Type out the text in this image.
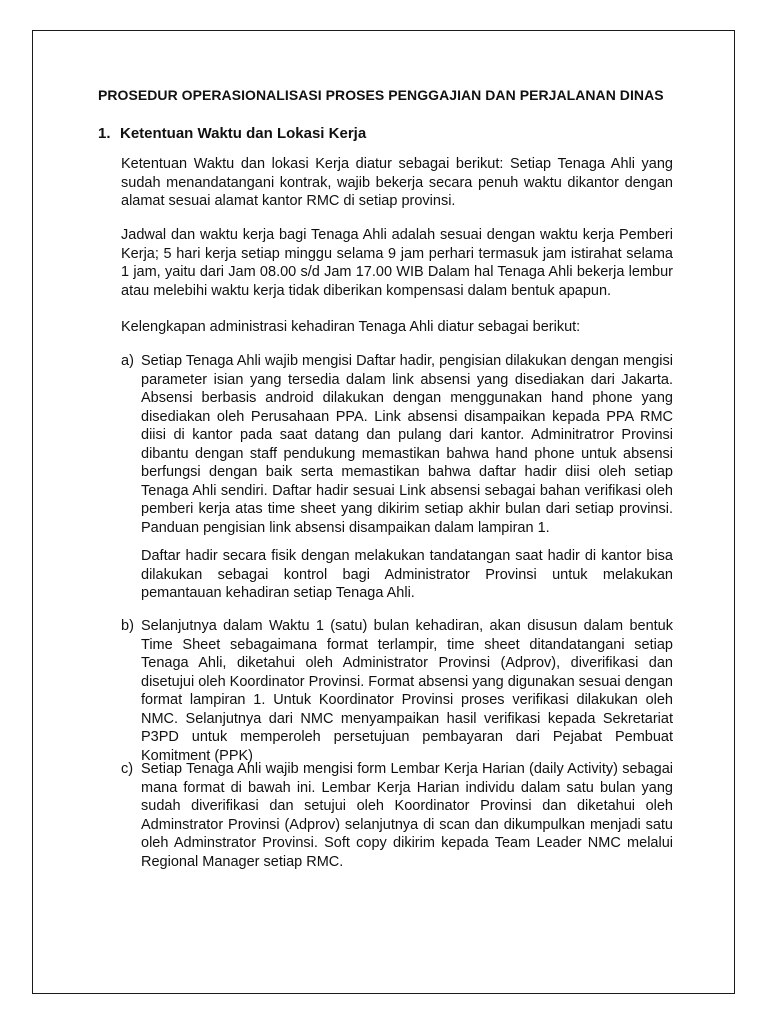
PROSEDUR OPERASIONALISASI PROSES PENGGAJIAN DAN PERJALANAN DINAS
1. Ketentuan Waktu dan Lokasi Kerja
Ketentuan Waktu dan lokasi Kerja diatur sebagai berikut: Setiap Tenaga Ahli yang sudah menandatangani kontrak, wajib bekerja secara penuh waktu dikantor dengan alamat sesuai alamat kantor RMC di setiap provinsi.
Jadwal dan waktu kerja bagi Tenaga Ahli adalah sesuai dengan waktu kerja Pemberi Kerja; 5 hari kerja setiap minggu selama 9 jam perhari termasuk jam istirahat selama 1 jam, yaitu dari Jam 08.00 s/d Jam 17.00 WIB Dalam hal Tenaga Ahli bekerja lembur atau melebihi waktu kerja tidak diberikan kompensasi dalam bentuk apapun.
Kelengkapan administrasi kehadiran Tenaga Ahli diatur sebagai berikut:
a) Setiap Tenaga Ahli wajib mengisi Daftar hadir, pengisian dilakukan dengan mengisi parameter isian yang tersedia dalam link absensi yang disediakan dari Jakarta. Absensi berbasis android dilakukan dengan menggunakan hand phone yang disediakan oleh Perusahaan PPA. Link absensi disampaikan kepada PPA RMC diisi di kantor pada saat datang dan pulang dari kantor. Adminitratror Provinsi dibantu dengan staff pendukung memastikan bahwa hand phone untuk absensi berfungsi dengan baik serta memastikan bahwa daftar hadir diisi oleh setiap Tenaga Ahli sendiri. Daftar hadir sesuai Link absensi sebagai bahan verifikasi oleh pemberi kerja atas time sheet yang dikirim setiap akhir bulan dari setiap provinsi. Panduan pengisian link absensi disampaikan dalam lampiran 1.
Daftar hadir secara fisik dengan melakukan tandatangan saat hadir di kantor bisa dilakukan sebagai kontrol bagi Administrator Provinsi untuk melakukan pemantauan kehadiran setiap Tenaga Ahli.
b) Selanjutnya dalam Waktu 1 (satu) bulan kehadiran, akan disusun dalam bentuk Time Sheet sebagaimana format terlampir, time sheet ditandatangani setiap Tenaga Ahli, diketahui oleh Administrator Provinsi (Adprov), diverifikasi dan disetujui oleh Koordinator Provinsi. Format absensi yang digunakan sesuai dengan format lampiran 1. Untuk Koordinator Provinsi proses verifikasi dilakukan oleh NMC. Selanjutnya dari NMC menyampaikan hasil verifikasi kepada Sekretariat P3PD untuk memperoleh persetujuan pembayaran dari Pejabat Pembuat Komitment (PPK)
c) Setiap Tenaga Ahli wajib mengisi form Lembar Kerja Harian (daily Activity) sebagai mana format di bawah ini. Lembar Kerja Harian individu dalam satu bulan yang sudah diverifikasi dan setujui oleh Koordinator Provinsi dan diketahui oleh Adminstrator Provinsi (Adprov) selanjutnya di scan dan dikumpulkan menjadi satu oleh Adminstrator Provinsi. Soft copy dikirim kepada Team Leader NMC melalui Regional Manager setiap RMC.
